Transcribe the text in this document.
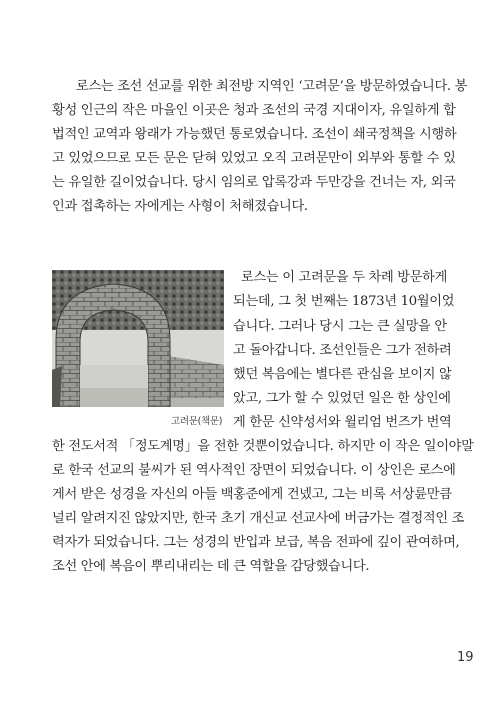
로스는 조선 선교를 위한 최전방 지역인 ‘고려문’을 방문하였습니다. 봉
황성 인근의 작은 마을인 이곳은 청과 조선의 국경 지대이자, 유일하게 합
법적인 교역과 왕래가 가능했던 통로였습니다. 조선이 쇄국정책을 시행하
고 있었으므로 모든 문은 닫혀 있었고 오직 고려문만이 외부와 통할 수 있
는 유일한 길이었습니다. 당시 임의로 압록강과 두만강을 건너는 자, 외국
인과 접촉하는 자에게는 사형이 처해졌습니다.
고려문(책문)
로스는 이 고려문을 두 차례 방문하게
되는데, 그 첫 번째는 1873년 10월이었
습니다. 그러나 당시 그는 큰 실망을 안
고 돌아갑니다. 조선인들은 그가 전하려
했던 복음에는 별다른 관심을 보이지 않
았고, 그가 할 수 있었던 일은 한 상인에
게 한문 신약성서와 윌리엄 번즈가 번역
한 전도서적 「정도계명」을 전한 것뿐이었습니다. 하지만 이 작은 일이야말
로 한국 선교의 불씨가 된 역사적인 장면이 되었습니다. 이 상인은 로스에
게서 받은 성경을 자신의 아들 백홍준에게 건넸고, 그는 비록 서상륜만큼
널리 알려지진 않았지만, 한국 초기 개신교 선교사에 버금가는 결정적인 조
력자가 되었습니다. 그는 성경의 반입과 보급, 복음 전파에 깊이 관여하며,
조선 안에 복음이 뿌리내리는 데 큰 역할을 감당했습니다.
19
